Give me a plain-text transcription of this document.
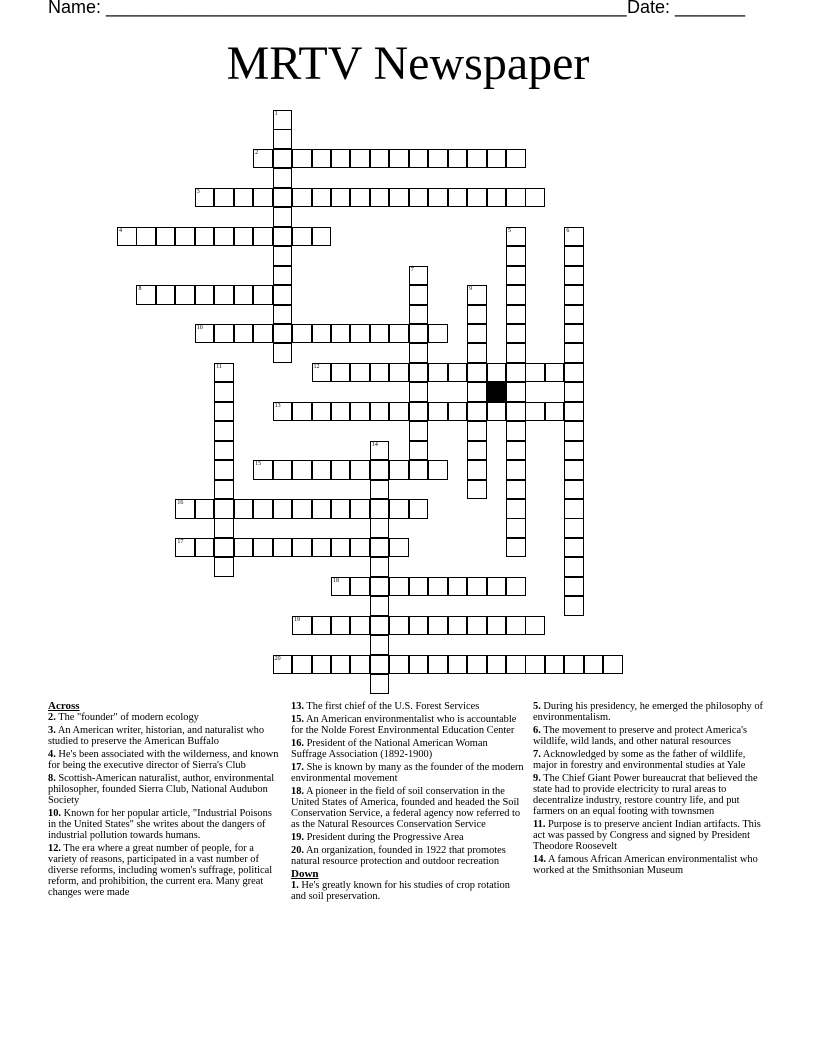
Name: ____________________________________________________ Date: _______
MRTV Newspaper
1
2
3
4	5	6
7
8	9
10
11	12
13
14
15
16
17
18
19
20
Across
2. The "founder" of modern ecology
3. An American writer, historian, and naturalist who studied to preserve the American Buffalo
4. He's been associated with the wilderness, and known for being the executive director of Sierra's Club
8. Scottish-American naturalist, author, environmental philosopher, founded Sierra Club, National Audubon Society
10. Known for her popular article, "Industrial Poisons in the United States" she writes about the dangers of industrial pollution towards humans.
12. The era where a great number of people, for a variety of reasons, participated in a vast number of diverse reforms, including women's suffrage, political reform, and prohibition, the current era. Many great changes were made
13. The first chief of the U.S. Forest Services
15. An American environmentalist who is accountable for the Nolde Forest Environmental Education Center
16. President of the National American Woman Suffrage Association (1892-1900)
17. She is known by many as the founder of the modern environmental movement
18. A pioneer in the field of soil conservation in the United States of America, founded and headed the Soil Conservation Service, a federal agency now referred to as the Natural Resources Conservation Service
19. President during the Progressive Area
20. An organization, founded in 1922 that promotes natural resource protection and outdoor recreation
Down
1. He's greatly known for his studies of crop rotation and soil preservation.
5. During his presidency, he emerged the philosophy of environmentalism.
6. The movement to preserve and protect America's wildlife, wild lands, and other natural resources
7. Acknowledged by some as the father of wildlife, major in forestry and environmental studies at Yale
9. The Chief Giant Power bureaucrat that believed the state had to provide electricity to rural areas to decentralize industry, restore country life, and put farmers on an equal footing with townsmen
11. Purpose is to preserve ancient Indian artifacts. This act was passed by Congress and signed by President Theodore Roosevelt
14. A famous African American environmentalist who worked at the Smithsonian Museum
